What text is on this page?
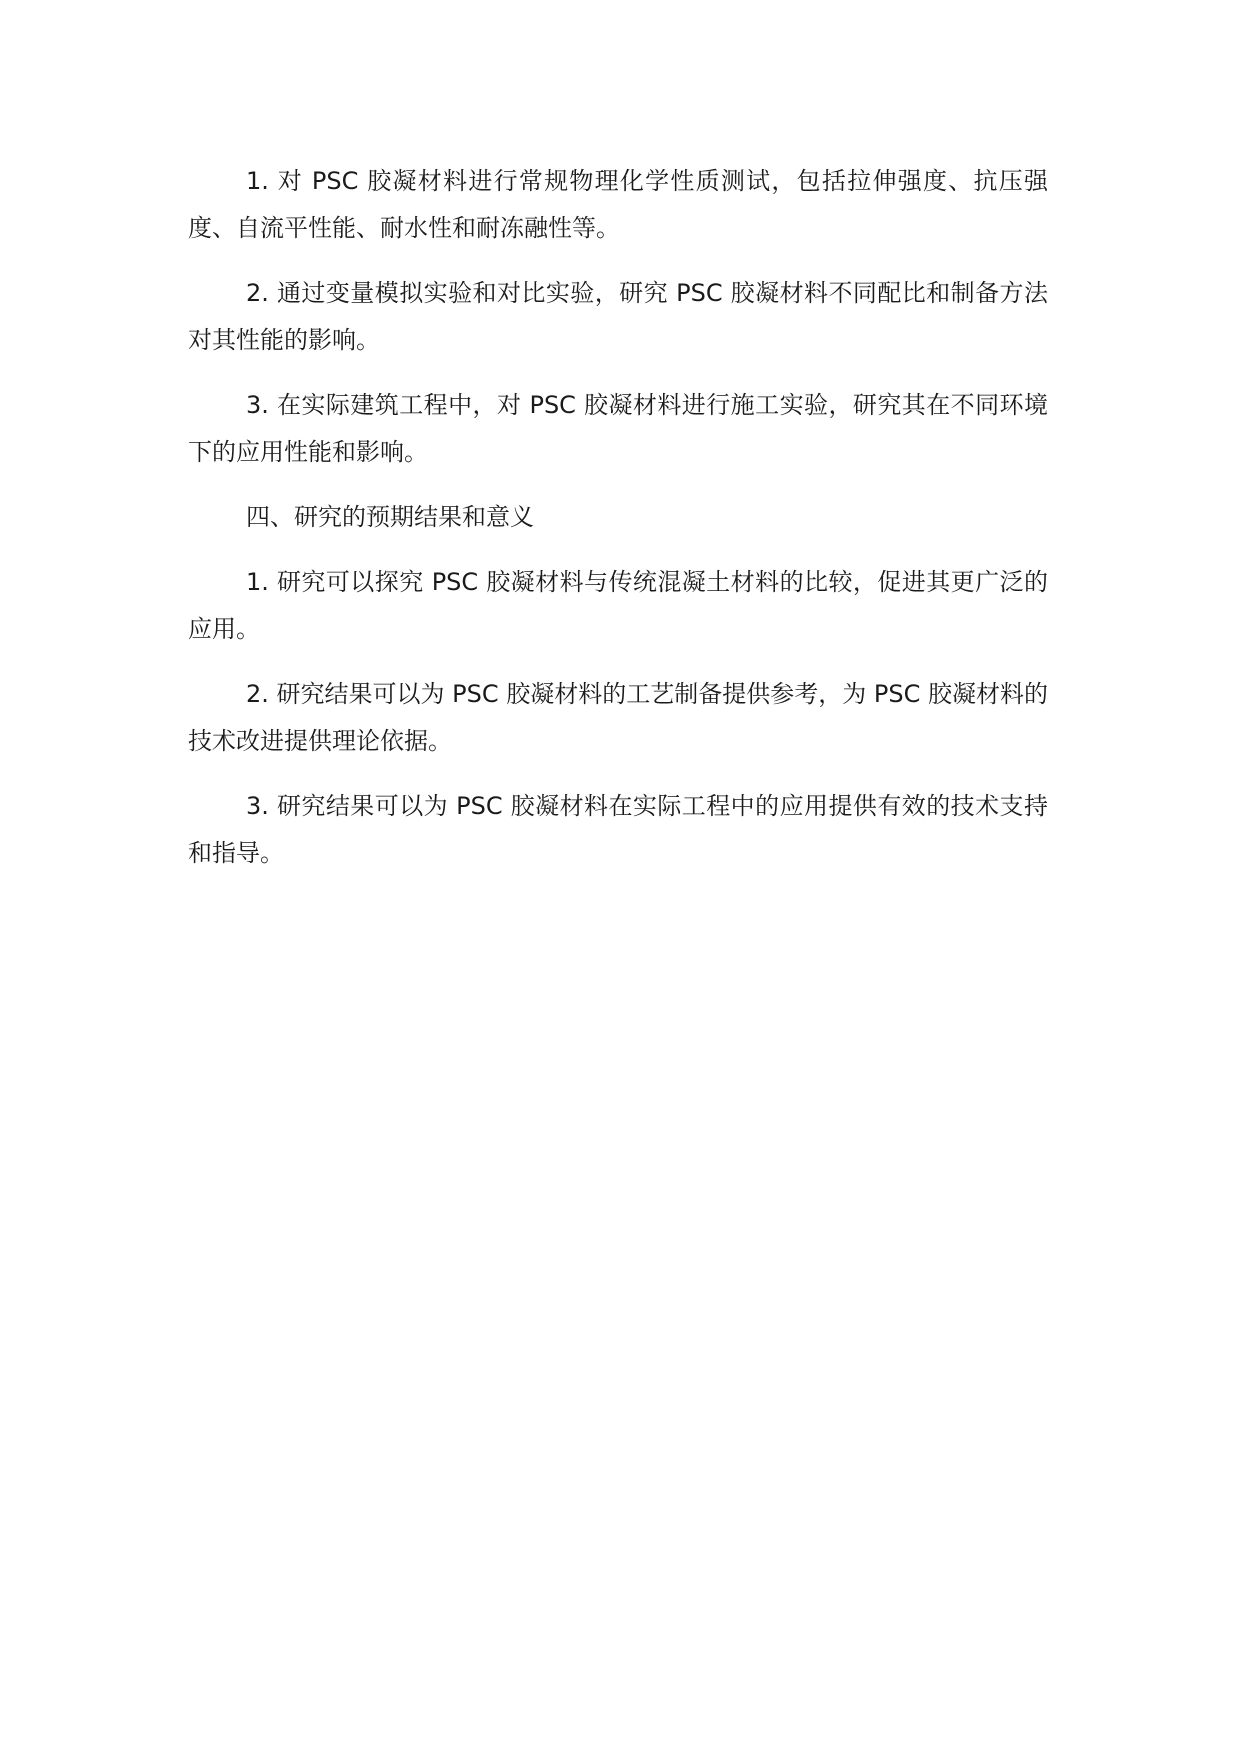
1. 对 PSC 胶凝材料进行常规物理化学性质测试，包括拉伸强度、抗压强度、自流平性能、耐水性和耐冻融性等。

2. 通过变量模拟实验和对比实验，研究 PSC 胶凝材料不同配比和制备方法对其性能的影响。

3. 在实际建筑工程中，对 PSC 胶凝材料进行施工实验，研究其在不同环境下的应用性能和影响。

四、研究的预期结果和意义

1. 研究可以探究 PSC 胶凝材料与传统混凝土材料的比较，促进其更广泛的应用。

2. 研究结果可以为 PSC 胶凝材料的工艺制备提供参考，为 PSC 胶凝材料的技术改进提供理论依据。

3. 研究结果可以为 PSC 胶凝材料在实际工程中的应用提供有效的技术支持和指导。
